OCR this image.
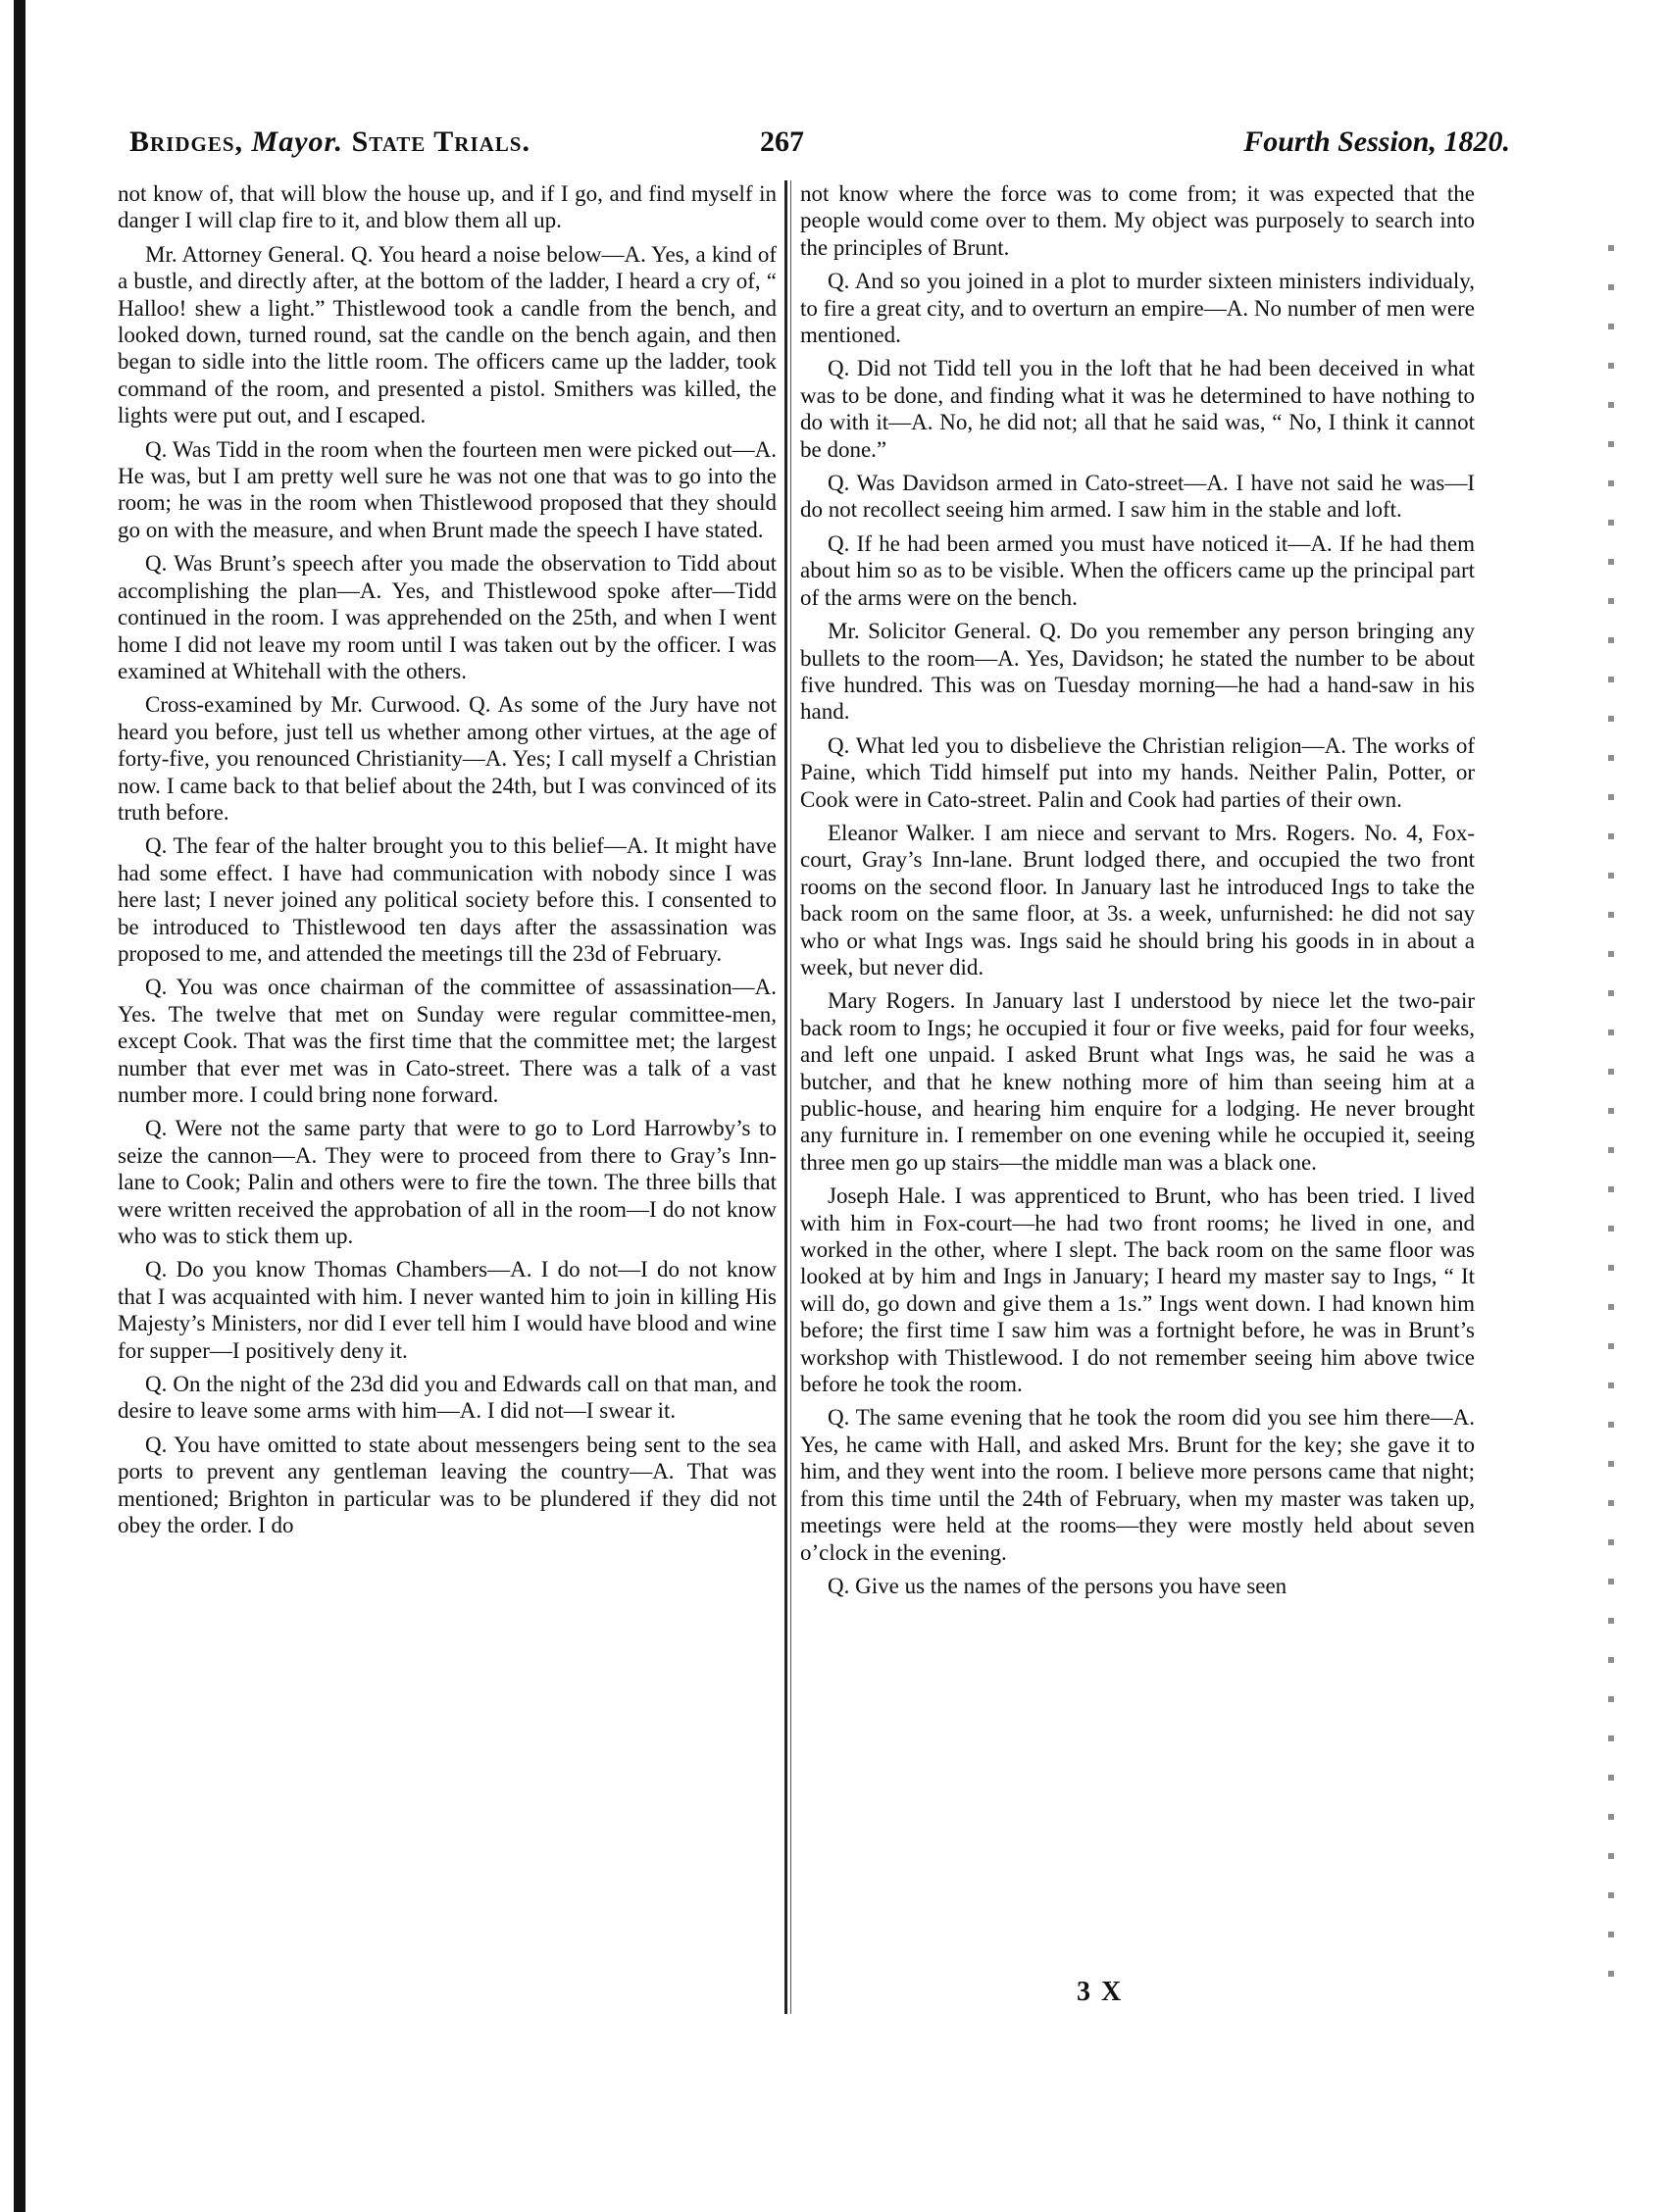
Bridges, Mayor. State Trials.	267	Fourth Session, 1820.

not know of, that will blow the house up, and if I go, and find myself in danger I will clap fire to it, and blow them all up.

Mr. Attorney General. Q. You heard a noise below—A. Yes, a kind of a bustle, and directly after, at the bottom of the ladder, I heard a cry of, “ Halloo! shew a light.” Thistlewood took a candle from the bench, and looked down, turned round, sat the candle on the bench again, and then began to sidle into the little room. The officers came up the ladder, took command of the room, and presented a pistol. Smithers was killed, the lights were put out, and I escaped.

Q. Was Tidd in the room when the fourteen men were picked out—A. He was, but I am pretty well sure he was not one that was to go into the room; he was in the room when Thistlewood proposed that they should go on with the measure, and when Brunt made the speech I have stated.

Q. Was Brunt’s speech after you made the observation to Tidd about accomplishing the plan—A. Yes, and Thistlewood spoke after—Tidd continued in the room. I was apprehended on the 25th, and when I went home I did not leave my room until I was taken out by the officer. I was examined at Whitehall with the others.

Cross-examined by Mr. Curwood. Q. As some of the Jury have not heard you before, just tell us whether among other virtues, at the age of forty-five, you renounced Christianity—A. Yes; I call myself a Christian now. I came back to that belief about the 24th, but I was convinced of its truth before.

Q. The fear of the halter brought you to this belief—A. It might have had some effect. I have had communication with nobody since I was here last; I never joined any political society before this. I consented to be introduced to Thistlewood ten days after the assassination was proposed to me, and attended the meetings till the 23d of February.

Q. You was once chairman of the committee of assassination—A. Yes. The twelve that met on Sunday were regular committee-men, except Cook. That was the first time that the committee met; the largest number that ever met was in Cato-street. There was a talk of a vast number more. I could bring none forward.

Q. Were not the same party that were to go to Lord Harrowby’s to seize the cannon—A. They were to proceed from there to Gray’s Inn-lane to Cook; Palin and others were to fire the town. The three bills that were written received the approbation of all in the room—I do not know who was to stick them up.

Q. Do you know Thomas Chambers—A. I do not—I do not know that I was acquainted with him. I never wanted him to join in killing His Majesty’s Ministers, nor did I ever tell him I would have blood and wine for supper—I positively deny it.

Q. On the night of the 23d did you and Edwards call on that man, and desire to leave some arms with him—A. I did not—I swear it.

Q. You have omitted to state about messengers being sent to the sea ports to prevent any gentleman leaving the country—A. That was mentioned; Brighton in particular was to be plundered if they did not obey the order. I do

not know where the force was to come from; it was expected that the people would come over to them. My object was purposely to search into the principles of Brunt.

Q. And so you joined in a plot to murder sixteen ministers individualy, to fire a great city, and to overturn an empire—A. No number of men were mentioned.

Q. Did not Tidd tell you in the loft that he had been deceived in what was to be done, and finding what it was he determined to have nothing to do with it—A. No, he did not; all that he said was, “ No, I think it cannot be done.”

Q. Was Davidson armed in Cato-street—A. I have not said he was—I do not recollect seeing him armed. I saw him in the stable and loft.

Q. If he had been armed you must have noticed it—A. If he had them about him so as to be visible. When the officers came up the principal part of the arms were on the bench.

Mr. Solicitor General. Q. Do you remember any person bringing any bullets to the room—A. Yes, Davidson; he stated the number to be about five hundred. This was on Tuesday morning—he had a hand-saw in his hand.

Q. What led you to disbelieve the Christian religion—A. The works of Paine, which Tidd himself put into my hands. Neither Palin, Potter, or Cook were in Cato-street. Palin and Cook had parties of their own.

Eleanor Walker. I am niece and servant to Mrs. Rogers. No. 4, Fox-court, Gray’s Inn-lane. Brunt lodged there, and occupied the two front rooms on the second floor. In January last he introduced Ings to take the back room on the same floor, at 3s. a week, unfurnished: he did not say who or what Ings was. Ings said he should bring his goods in in about a week, but never did.

Mary Rogers. In January last I understood by niece let the two-pair back room to Ings; he occupied it four or five weeks, paid for four weeks, and left one unpaid. I asked Brunt what Ings was, he said he was a butcher, and that he knew nothing more of him than seeing him at a public-house, and hearing him enquire for a lodging. He never brought any furniture in. I remember on one evening while he occupied it, seeing three men go up stairs—the middle man was a black one.

Joseph Hale. I was apprenticed to Brunt, who has been tried. I lived with him in Fox-court—he had two front rooms; he lived in one, and worked in the other, where I slept. The back room on the same floor was looked at by him and Ings in January; I heard my master say to Ings, “ It will do, go down and give them a 1s.” Ings went down. I had known him before; the first time I saw him was a fortnight before, he was in Brunt’s workshop with Thistlewood. I do not remember seeing him above twice before he took the room.

Q. The same evening that he took the room did you see him there—A. Yes, he came with Hall, and asked Mrs. Brunt for the key; she gave it to him, and they went into the room. I believe more persons came that night; from this time until the 24th of February, when my master was taken up, meetings were held at the rooms—they were mostly held about seven o’clock in the evening.

Q. Give us the names of the persons you have seen

3 X
